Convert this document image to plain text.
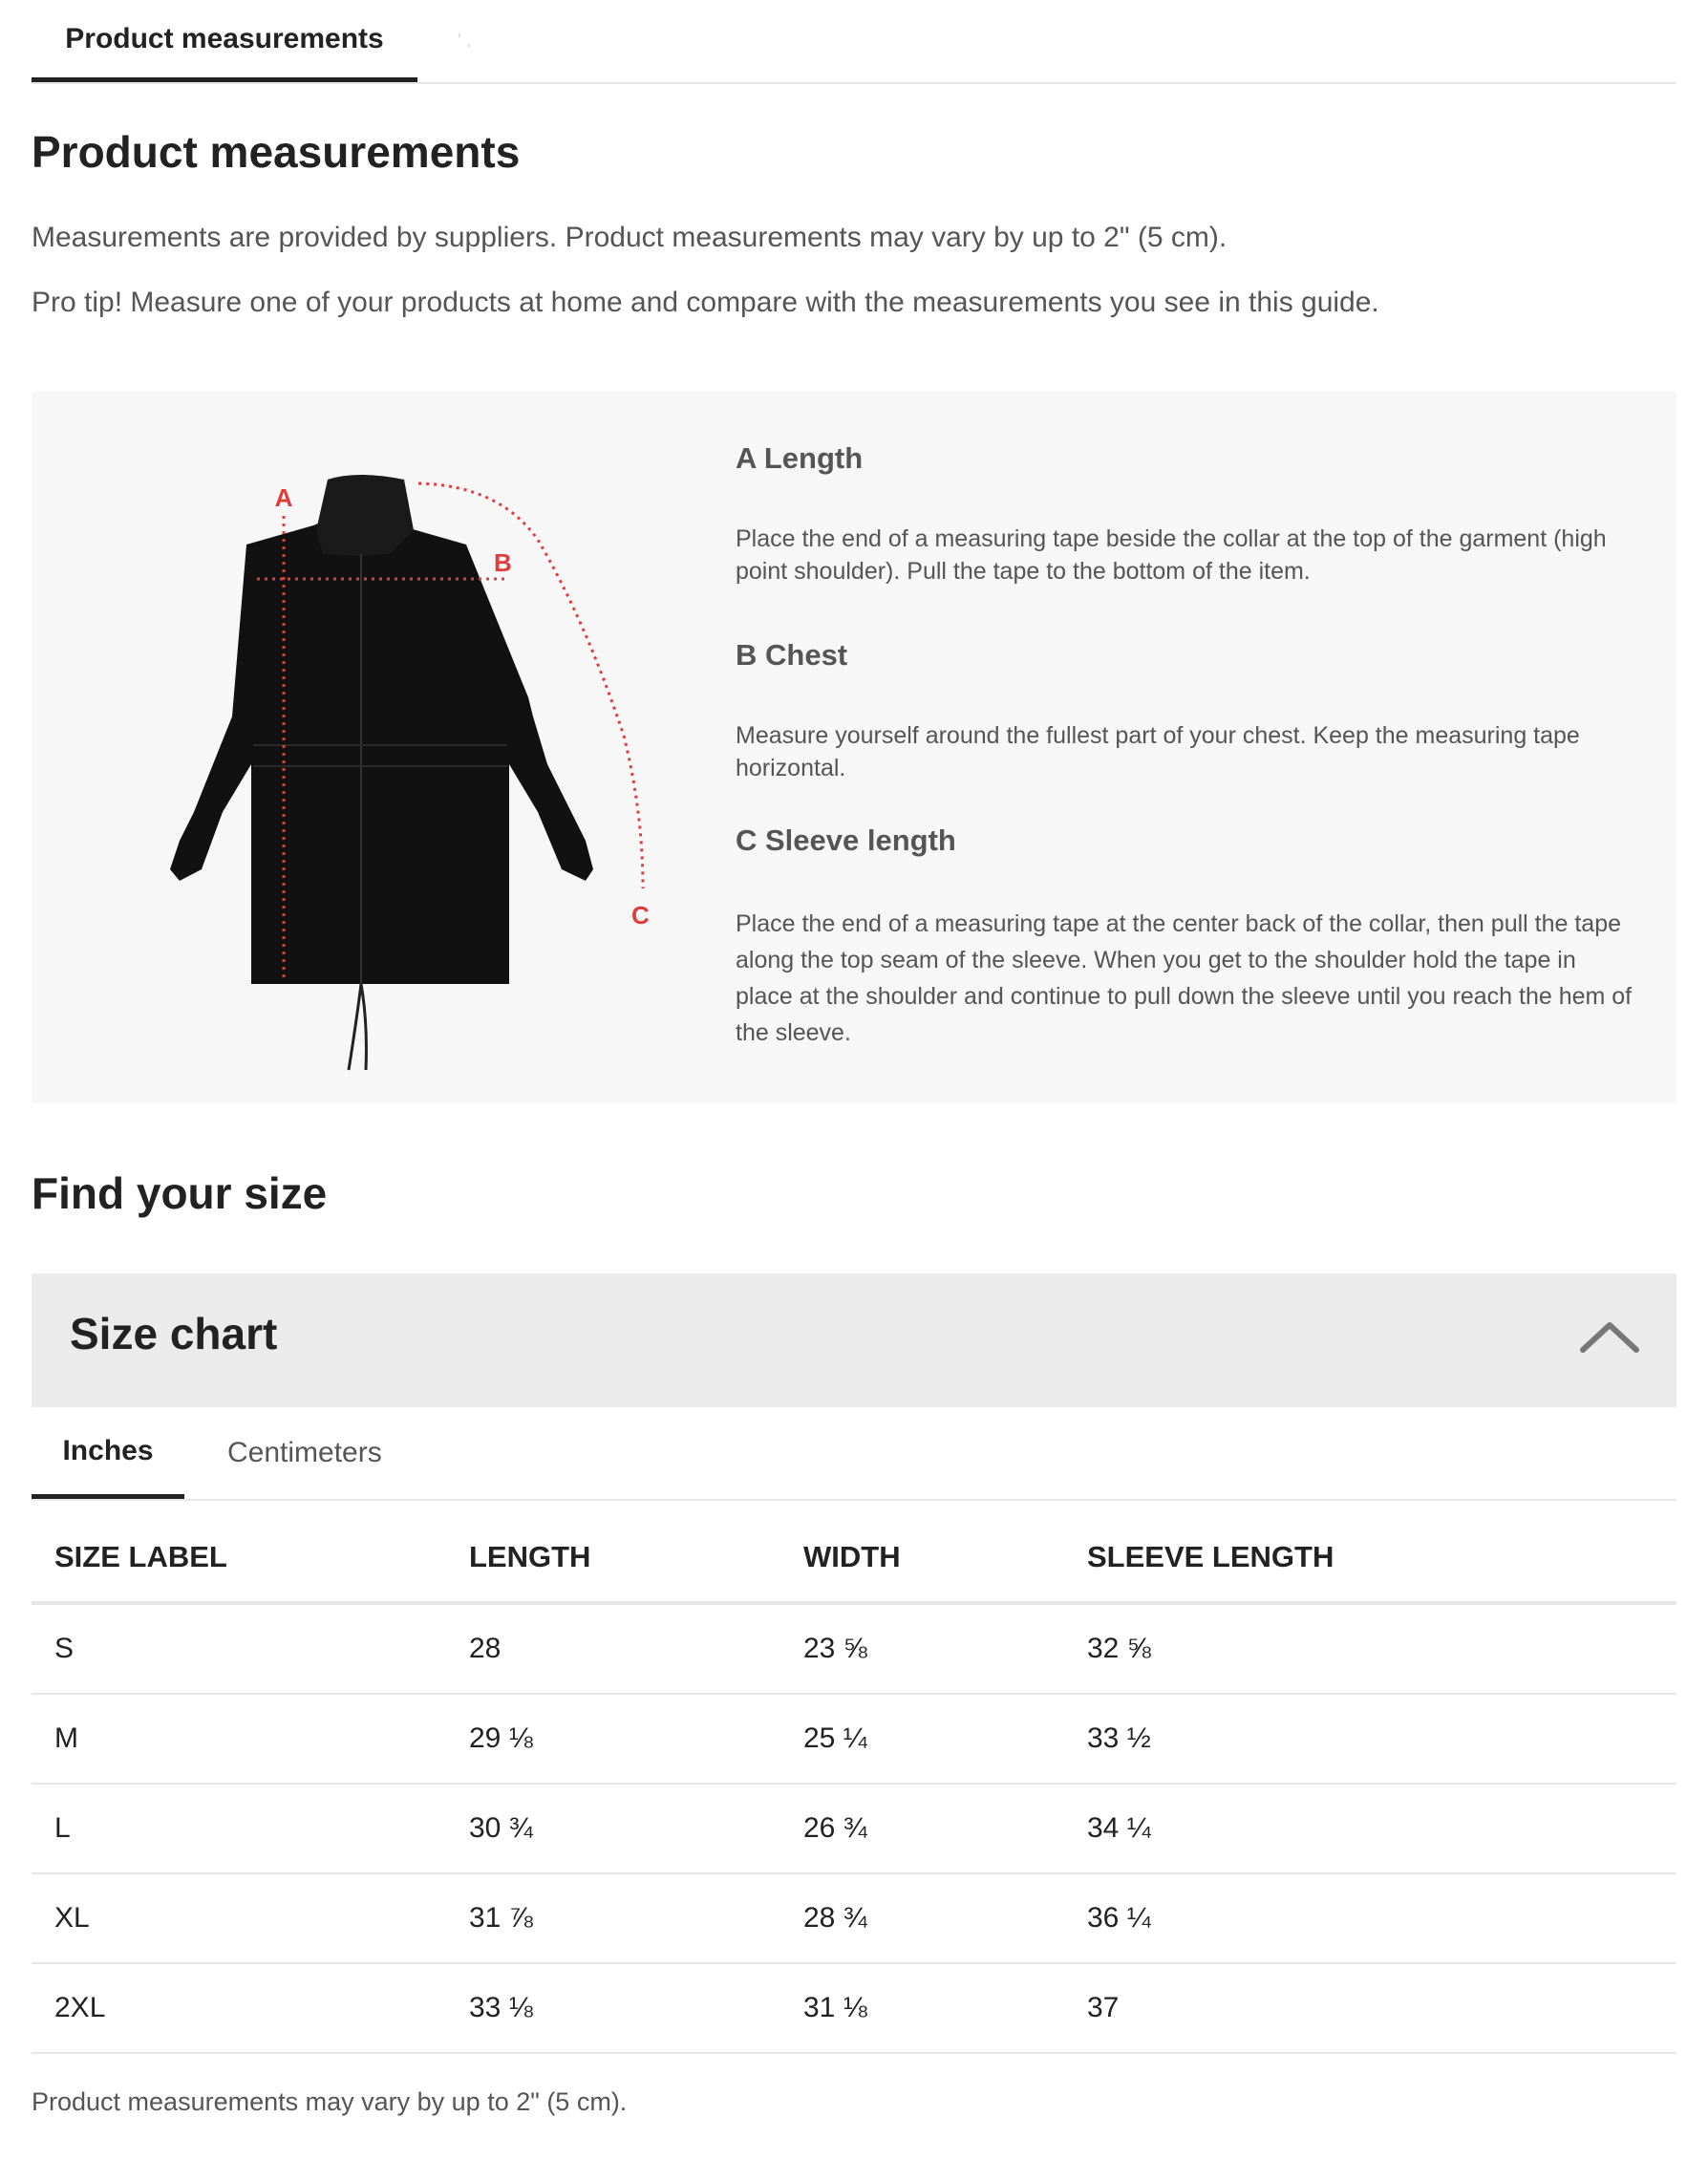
Product measurements	' .
Product measurements

Measurements are provided by suppliers. Product measurements may vary by up to 2" (5 cm).

Pro tip! Measure one of your products at home and compare with the measurements you see in this guide.

A
B
C
A Length

Place the end of a measuring tape beside the collar at the top of the garment (high point shoulder). Pull the tape to the bottom of the item.

B Chest

Measure yourself around the fullest part of your chest. Keep the measuring tape horizontal.

C Sleeve length

Place the end of a measuring tape at the center back of the collar, then pull the tape along the top seam of the sleeve. When you get to the shoulder hold the tape in place at the shoulder and continue to pull down the sleeve until you reach the hem of the sleeve.

Find your size
Size chart
Inches	Centimeters
SIZE LABEL	LENGTH	WIDTH	SLEEVE LENGTH
S	28	23 ⅝	32 ⅝
M	29 ⅛	25 ¼	33 ½
L	30 ¾	26 ¾	34 ¼
XL	31 ⅞	28 ¾	36 ¼
2XL	33 ⅛	31 ⅛	37

Product measurements may vary by up to 2" (5 cm).
